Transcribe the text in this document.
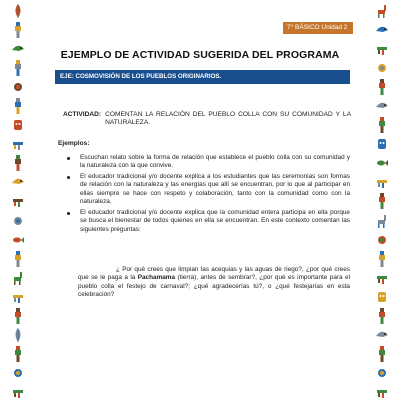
7° BÁSICO Unidad 2
EJEMPLO DE ACTIVIDAD SUGERIDA DEL PROGRAMA
EJE: COSMOVISIÓN DE LOS PUEBLOS ORIGINARIOS.
ACTIVIDAD: COMENTAN LA RELACIÓN DEL PUEBLO COLLA CON SU COMUNIDAD Y LA NATURALEZA.
Ejemplos:
Escuchan relato sobre la forma de relación que establece el pueblo colla con su comunidad y la naturaleza con la que convive.
El educador tradicional y/o docente explica a los estudiantes que las ceremonias son formas de relación con la naturaleza y las energías que allí se encuentran, por lo que al participar en ellas siempre se hace con respeto y colaboración, tanto con la comunidad como con la naturaleza.
El educador tradicional y/o docente explica que la comunidad entera participa en ella porque se busca el bienestar de todos quienes en ella se encuentran. En este contexto comentan las siguientes preguntas:

¿ Por qué crees que limpian las acequias y las aguas de riego?, ¿por qué crees que se le paga a la Pachamama (tierra), antes de sembrar?, ¿por qué es importante para el pueblo colla el festejo de carnaval?; ¿qué agradecerías tú?, o ¿qué festejarías en esta celebración?
